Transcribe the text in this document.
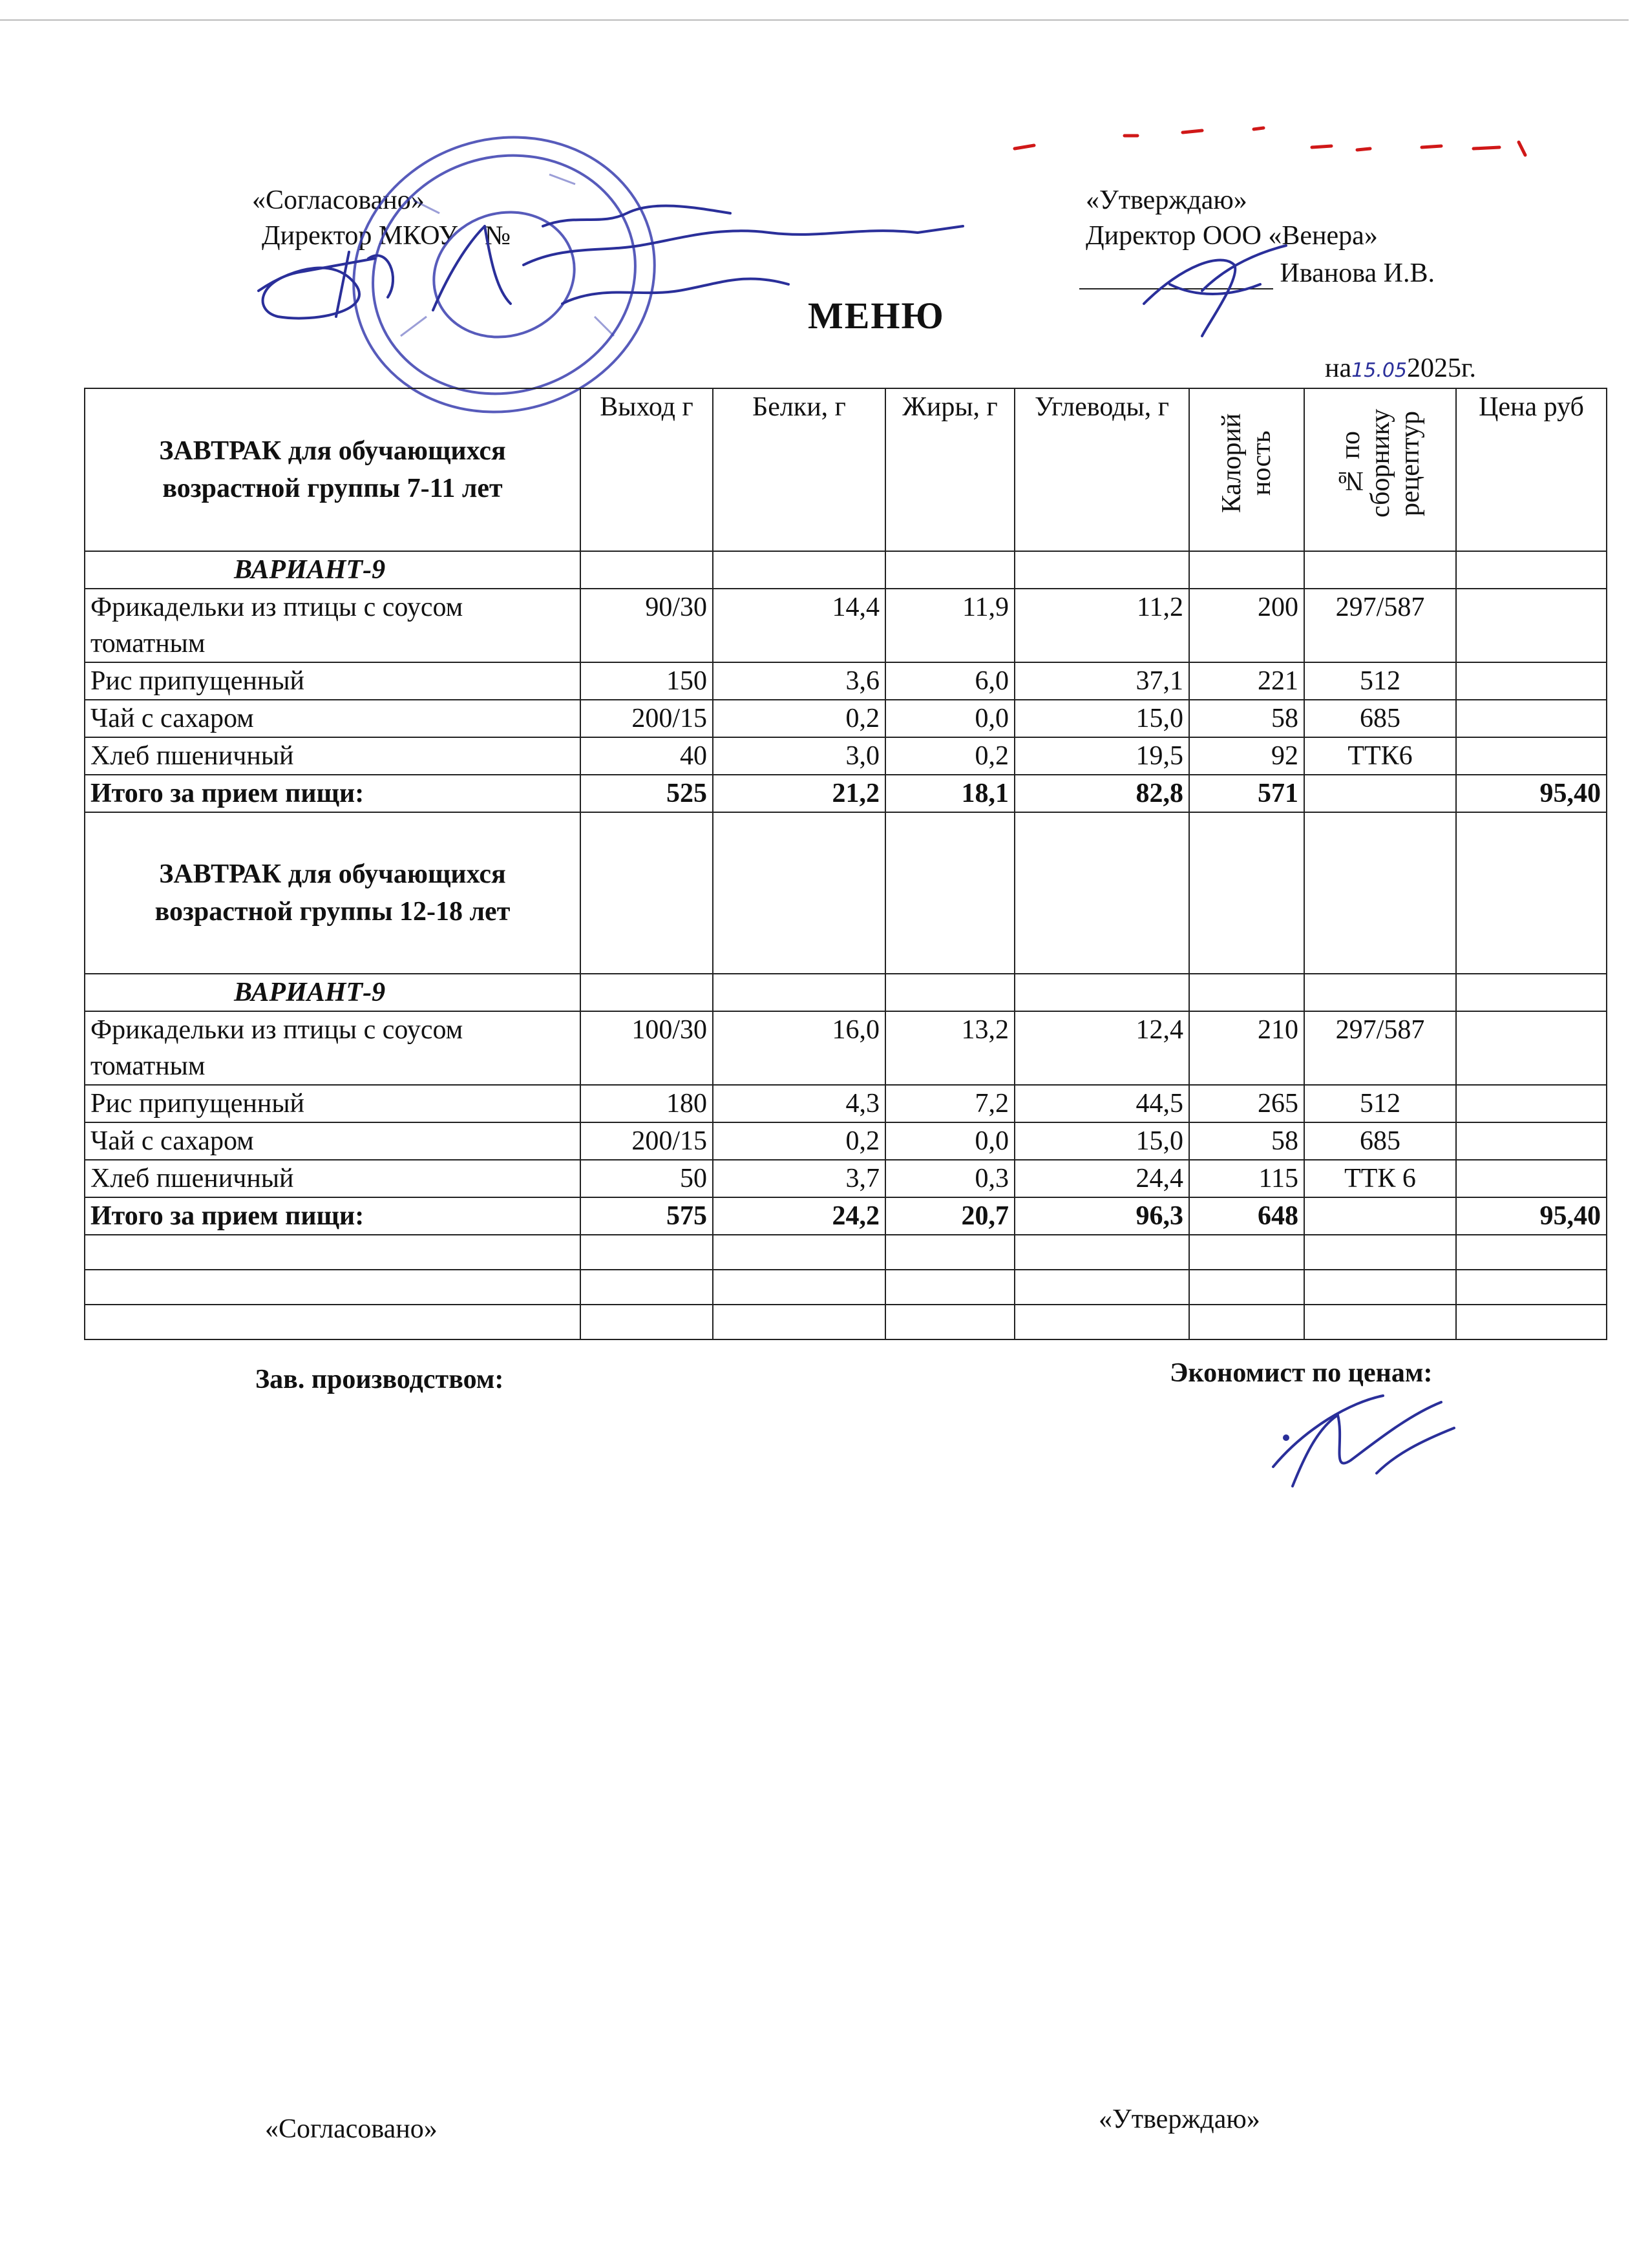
«Согласовано»
Директор МКОУ №
«Утверждаю»
Директор ООО «Венера»
Иванова И.В.
МЕНЮ
на15.052025г.
ЗАВТРАК для обучающихся возрастной группы 7-11 лет	Выход г	Белки, г	Жиры, г	Углеводы, г	Калорий ность	№ по сборнику рецептур	Цена руб
ВАРИАНТ-9							
Фрикадельки из птицы с соусом томатным	90/30	14,4	11,9	11,2	200	297/587	
Рис припущенный	150	3,6	6,0	37,1	221	512	
Чай с сахаром	200/15	0,2	0,0	15,0	58	685	
Хлеб пшеничный	40	3,0	0,2	19,5	92	ТТК6	
Итого за прием пищи:	525	21,2	18,1	82,8	571		95,40
ЗАВТРАК для обучающихся возрастной группы 12-18 лет							
ВАРИАНТ-9							
Фрикадельки из птицы с соусом томатным	100/30	16,0	13,2	12,4	210	297/587	
Рис припущенный	180	4,3	7,2	44,5	265	512	
Чай с сахаром	200/15	0,2	0,0	15,0	58	685	
Хлеб пшеничный	50	3,7	0,3	24,4	115	ТТК 6	
Итого за прием пищи:	575	24,2	20,7	96,3	648		95,40

Зав. производством:	Экономист по ценам:
«Согласовано»	«Утверждаю»
